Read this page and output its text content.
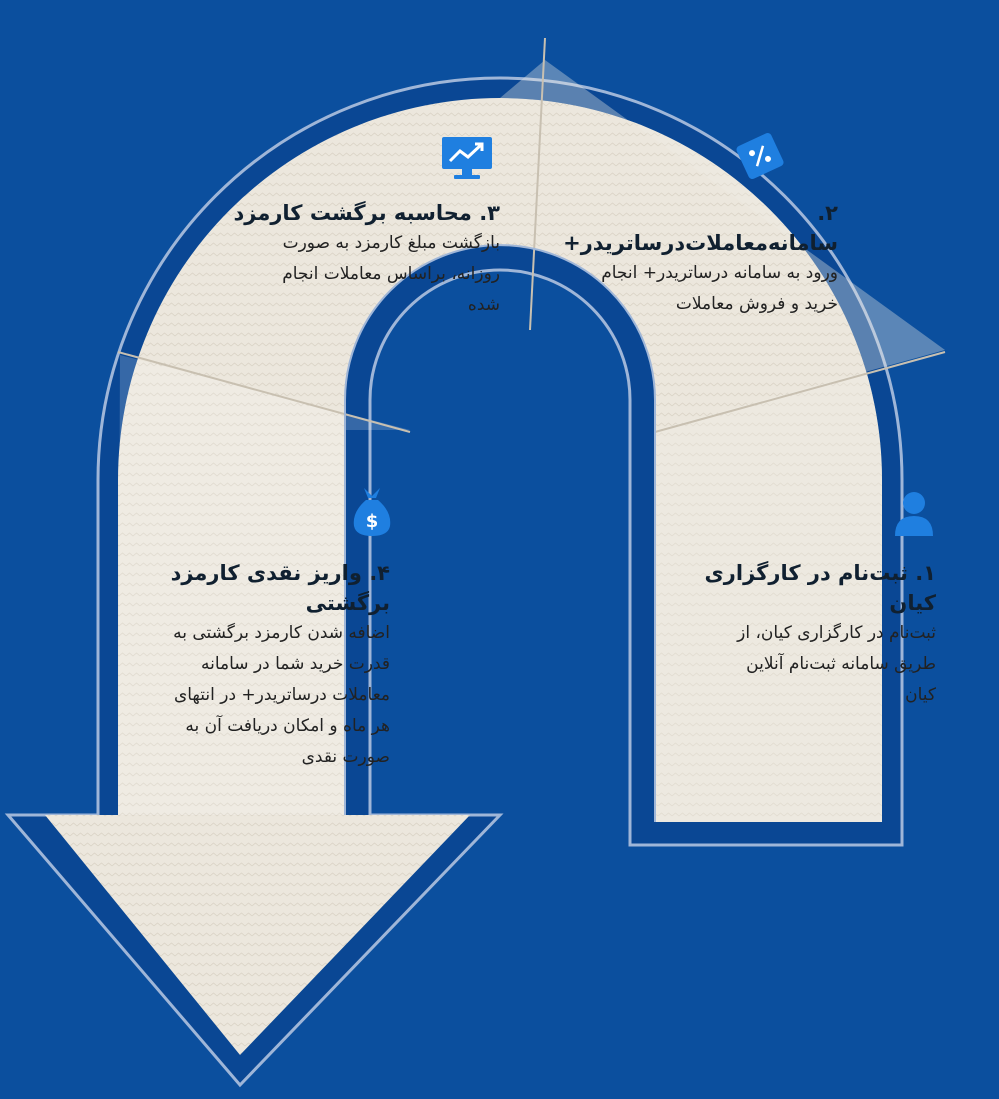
۱. ثبت‌نام در کارگزاری کیان
ثبت‌نام در کارگزاری کیان، از
طریق سامانه ثبت‌نام آنلاین
کیان
۲. سامانه‌معاملات‌درساتریدر+
ورود به سامانه درساتریدر+ انجام
خرید و فروش معاملات
۳. محاسبه برگشت کارمزد
بازگشت مبلغ کارمزد به صورت
روزانه، براساس معاملات انجام
شده
$
۴. واریز نقدی کارمزد
برگشتی
اضافه شدن کارمزد برگشتی به
قدرت خرید شما در سامانه
معاملات درساتریدر+ در انتهای
هر ماه و امکان دریافت آن به
صورت نقدی
